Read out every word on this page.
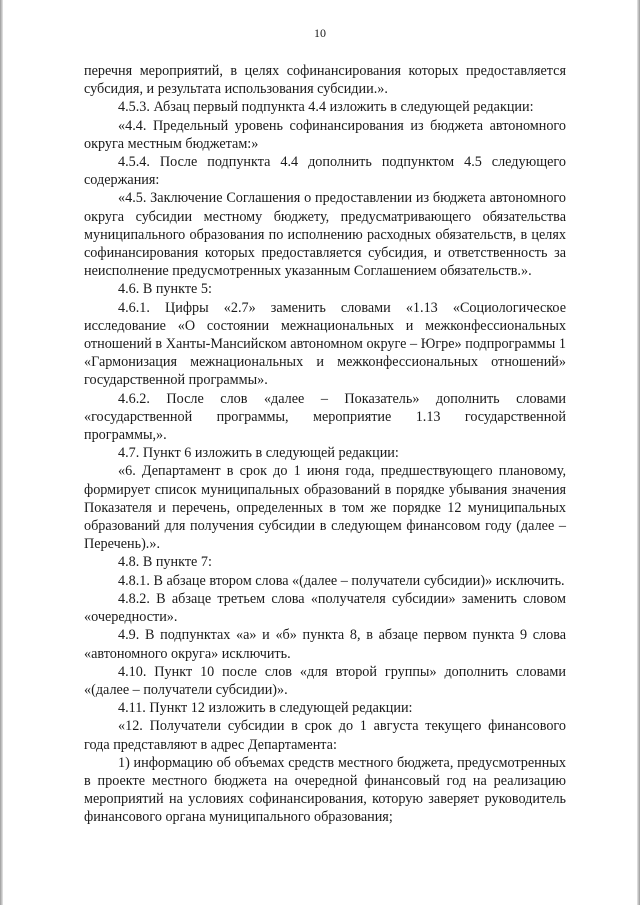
10

перечня мероприятий, в целях софинансирования которых предоставляется субсидия, и результата использования субсидии.».

4.5.3. Абзац первый подпункта 4.4 изложить в следующей редакции:

«4.4. Предельный уровень софинансирования из бюджета автономного округа местным бюджетам:»

4.5.4. После подпункта 4.4 дополнить подпунктом 4.5 следующего содержания:

«4.5. Заключение Соглашения о предоставлении из бюджета автономного округа субсидии местному бюджету, предусматривающего обязательства муниципального образования по исполнению расходных обязательств, в целях софинансирования которых предоставляется субсидия, и ответственность за неисполнение предусмотренных указанным Соглашением обязательств.».

4.6. В пункте 5:

4.6.1. Цифры «2.7» заменить словами «1.13 «Социологическое исследование «О состоянии межнациональных и межконфессиональных отношений в Ханты-Мансийском автономном округе – Югре» подпрограммы 1 «Гармонизация межнациональных и межконфессиональных отношений» государственной программы».

4.6.2. После слов «далее – Показатель» дополнить словами «государственной программы, мероприятие 1.13 государственной программы,».

4.7. Пункт 6 изложить в следующей редакции:

«6. Департамент в срок до 1 июня года, предшествующего плановому, формирует список муниципальных образований в порядке убывания значения Показателя и перечень, определенных в том же порядке 12 муниципальных образований для получения субсидии в следующем финансовом году (далее – Перечень).».

4.8. В пункте 7:

4.8.1. В абзаце втором слова «(далее – получатели субсидии)» исключить.

4.8.2. В абзаце третьем слова «получателя субсидии» заменить словом «очередности».

4.9. В подпунктах «а» и «б» пункта 8, в абзаце первом пункта 9 слова «автономного округа» исключить.

4.10. Пункт 10 после слов «для второй группы» дополнить словами «(далее – получатели субсидии)».

4.11. Пункт 12 изложить в следующей редакции:

«12. Получатели субсидии в срок до 1 августа текущего финансового года представляют в адрес Департамента:

1) информацию об объемах средств местного бюджета, предусмотренных в проекте местного бюджета на очередной финансовый год на реализацию мероприятий на условиях софинансирования, которую заверяет руководитель финансового органа муниципального образования;
